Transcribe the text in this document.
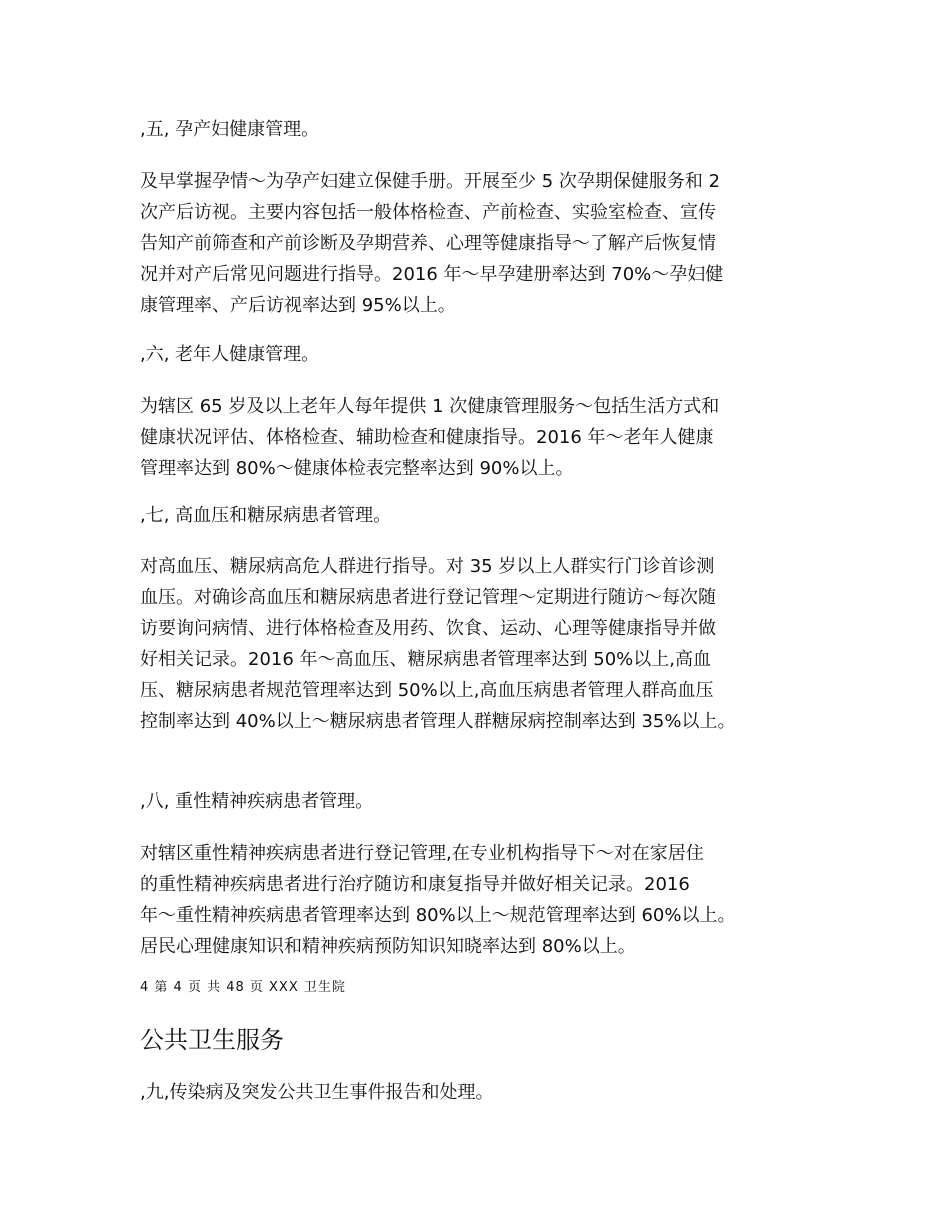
,五, 孕产妇健康管理。
及早掌握孕情～为孕产妇建立保健手册。开展至少 5 次孕期保健服务和 2
次产后访视。主要内容包括一般体格检查、产前检查、实验室检查、宣传
告知产前筛查和产前诊断及孕期营养、心理等健康指导～了解产后恢复情
况并对产后常见问题进行指导。2016 年～早孕建册率达到 70%～孕妇健
康管理率、产后访视率达到 95%以上。
,六, 老年人健康管理。
为辖区 65 岁及以上老年人每年提供 1 次健康管理服务～包括生活方式和
健康状况评估、体格检查、辅助检查和健康指导。2016 年～老年人健康
管理率达到 80%～健康体检表完整率达到 90%以上。
,七, 高血压和糖尿病患者管理。
对高血压、糖尿病高危人群进行指导。对 35 岁以上人群实行门诊首诊测
血压。对确诊高血压和糖尿病患者进行登记管理～定期进行随访～每次随
访要询问病情、进行体格检查及用药、饮食、运动、心理等健康指导并做
好相关记录。2016 年～高血压、糖尿病患者管理率达到 50%以上,高血
压、糖尿病患者规范管理率达到 50%以上,高血压病患者管理人群高血压
控制率达到 40%以上～糖尿病患者管理人群糖尿病控制率达到 35%以上。
,八, 重性精神疾病患者管理。
对辖区重性精神疾病患者进行登记管理,在专业机构指导下～对在家居住
的重性精神疾病患者进行治疗随访和康复指导并做好相关记录。2016
年～重性精神疾病患者管理率达到 80%以上～规范管理率达到 60%以上。
居民心理健康知识和精神疾病预防知识知晓率达到 80%以上。
4 第 4 页 共 48 页 XXX 卫生院
公共卫生服务
,九,传染病及突发公共卫生事件报告和处理。
